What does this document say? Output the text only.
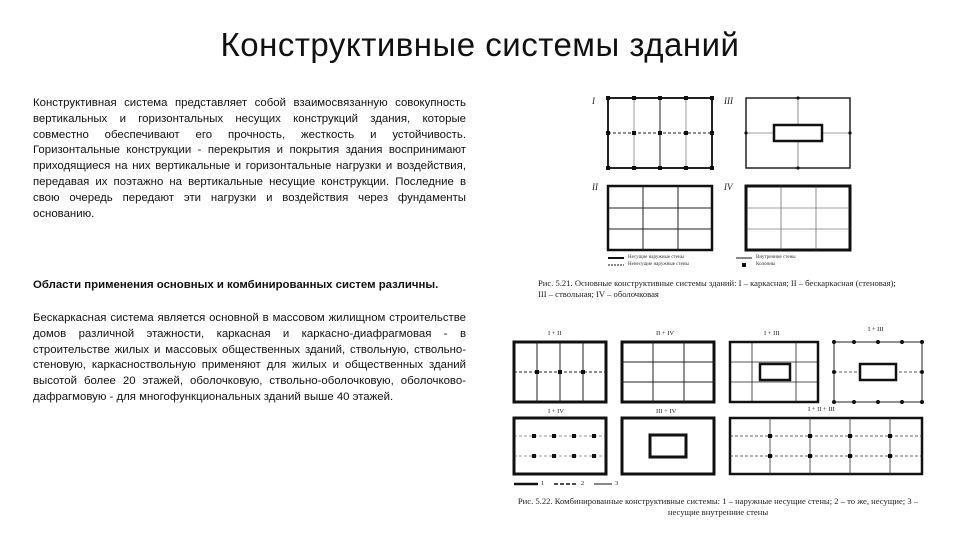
Конструктивные системы зданий

Конструктивная система представляет собой взаимосвязанную совокупность вертикальных и горизонтальных несущих конструкций здания, которые совместно обеспечивают его прочность, жесткость и устойчивость. Горизонтальные конструкции - перекрытия и покрытия здания воспринимают приходящиеся на них вертикальные и горизонтальные нагрузки и воздействия, передавая их поэтажно на вертикальные несущие конструкции. Последние в свою очередь передают эти нагрузки и воздействия через фундаменты основанию.

Области применения основных и комбинированных систем различны.

Бескаркасная система является основной в массовом жилищном строительстве домов различной этажности, каркасная и каркасно-диафрагмовая - в строительстве жилых и массовых общественных зданий, ствольную, ствольно-стеновую, каркасноствольную применяют для жилых и общественных зданий высотой более 20 этажей, оболочковую, ствольно-оболочковую, оболочково-дафрагмовую - для многофункциональных зданий выше 40 этажей.

I	III
II	IV
Несущие наружные стены
Ненесущие наружные стены
Внутренние стены
Колонны
Рис. 5.21. Основные конструктивные системы зданий: I – каркасная; II – бескаркасная (стеновая); III – ствольная; IV – оболочковая
I + II	II + IV	I + III
I + III
I + IV	III + IV	I + II + III
1	2	3
Рис. 5.22. Комбинированные конструктивные системы: 1 – наружные несущие стены; 2 – то же, несущие; 3 – несущие внутренние стены
